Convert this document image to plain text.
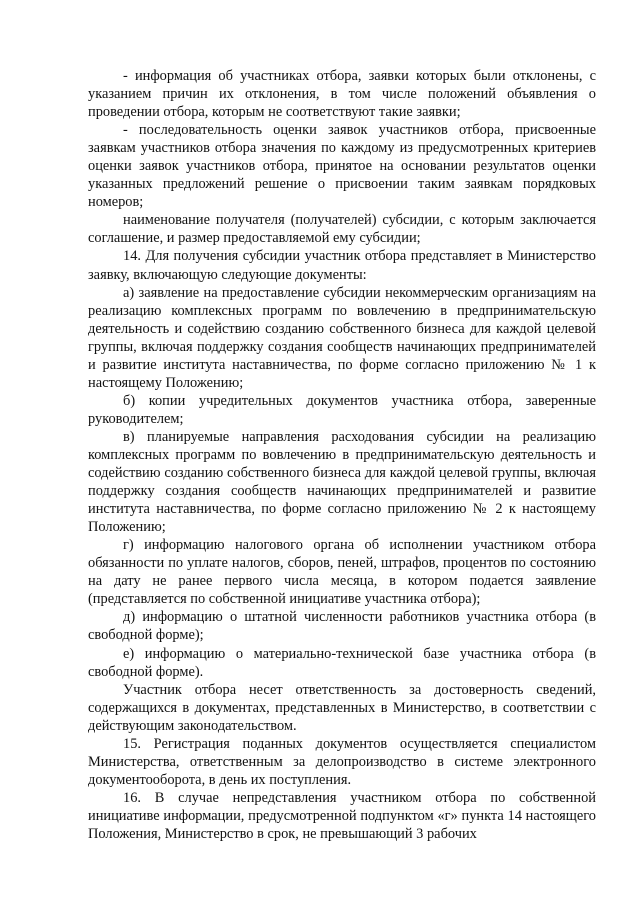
- информация об участниках отбора, заявки которых были отклонены, с указанием причин их отклонения, в том числе положений объявления о проведении отбора, которым не соответствуют такие заявки;

- последовательность оценки заявок участников отбора, присвоенные заявкам участников отбора значения по каждому из предусмотренных критериев оценки заявок участников отбора, принятое на основании результатов оценки указанных предложений решение о присвоении таким заявкам порядковых номеров;

наименование получателя (получателей) субсидии, с которым заключается соглашение, и размер предоставляемой ему субсидии;

14. Для получения субсидии участник отбора представляет в Министерство заявку, включающую следующие документы:

а) заявление на предоставление субсидии некоммерческим организациям на реализацию комплексных программ по вовлечению в предпринимательскую деятельность и содействию созданию собственного бизнеса для каждой целевой группы, включая поддержку создания сообществ начинающих предпринимателей и развитие института наставничества, по форме согласно приложению № 1 к настоящему Положению;

б) копии учредительных документов участника отбора, заверенные руководителем;

в) планируемые направления расходования субсидии на реализацию комплексных программ по вовлечению в предпринимательскую деятельность и содействию созданию собственного бизнеса для каждой целевой группы, включая поддержку создания сообществ начинающих предпринимателей и развитие института наставничества, по форме согласно приложению № 2 к настоящему Положению;

г) информацию налогового органа об исполнении участником отбора обязанности по уплате налогов, сборов, пеней, штрафов, процентов по состоянию на дату не ранее первого числа месяца, в котором подается заявление (представляется по собственной инициативе участника отбора);

д) информацию о штатной численности работников участника отбора (в свободной форме);

е) информацию о материально-технической базе участника отбора (в свободной форме).

Участник отбора несет ответственность за достоверность сведений, содержащихся в документах, представленных в Министерство, в соответствии с действующим законодательством.

15. Регистрация поданных документов осуществляется специалистом Министерства, ответственным за делопроизводство в системе электронного документооборота, в день их поступления.

16. В случае непредставления участником отбора по собственной инициативе информации, предусмотренной подпунктом «г» пункта 14 настоящего Положения, Министерство в срок, не превышающий 3 рабочих
